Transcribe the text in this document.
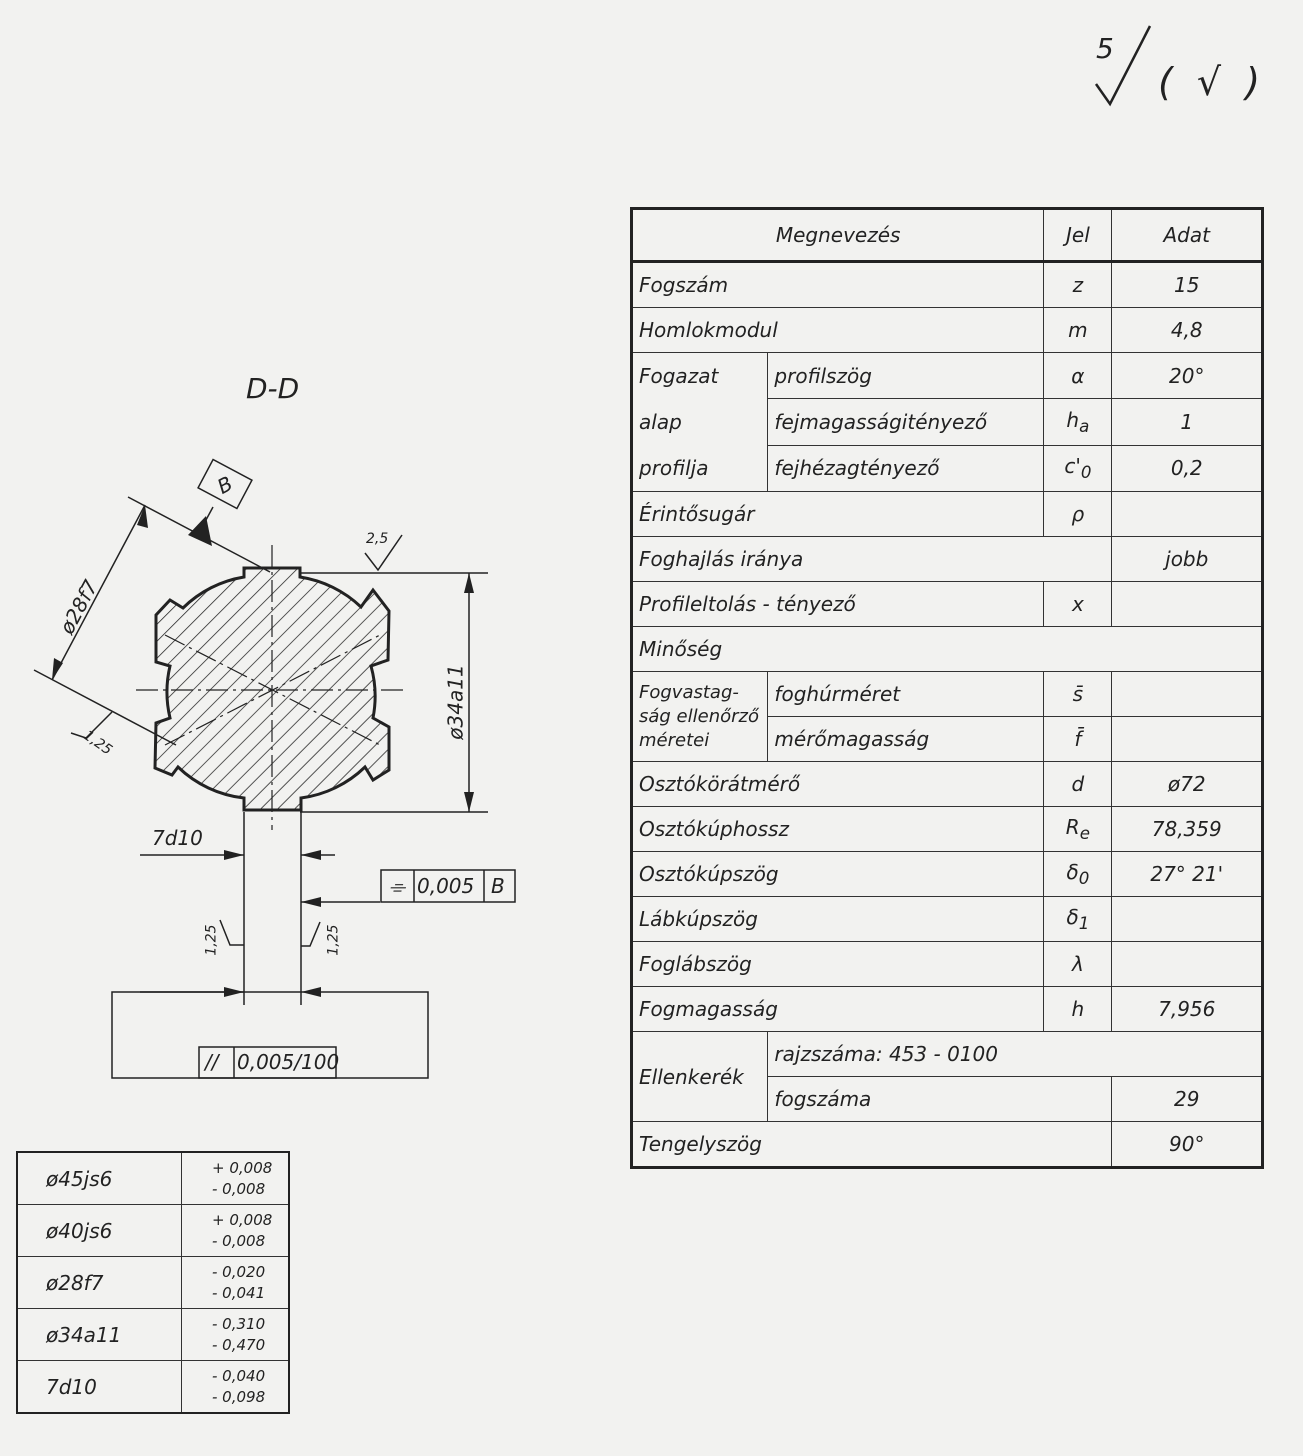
5
( √ )
D-D
B
ø28f7
ø34a11
2,5
1,25
7d10
1,25	1,25
⌯ 0,005 B
// 0,005/100
Megnevezés		Jel	Adat
Fogszám		z	15
Homlokmodul		m	4,8

Fogazat
alap
profilja	profilszög	α	20°
	fejmagasságitényező	$h_a$	1
	fejhézagtényező	$c'_0$	0,2
Érintősugár		ρ	
Foghajlás iránya			jobb
Profileltolás - tényező		x	
Minőség			

Fogvastag-
ság ellenőrző
méretei	foghúrméret	s̄	
	mérőmagasság	f̄	
Osztókörátmérő		d	ø72
Osztókúphossz		$R_e$	78,359
Osztókúpszög		$\delta_0$	27° 21'
Lábkúpszög		$\delta_1$	
Foglábszög		λ	
Fogmagasság		h	7,956
Ellenkerék	rajzszáma: 453 - 0100		
	fogszáma		29
Tengelyszög			90°
ø45js6	+ 0,008
- 0,008

ø40js6	+ 0,008
- 0,008

ø28f7	- 0,020
- 0,041

ø34a11	- 0,310
- 0,470

7d10	- 0,040
- 0,098
